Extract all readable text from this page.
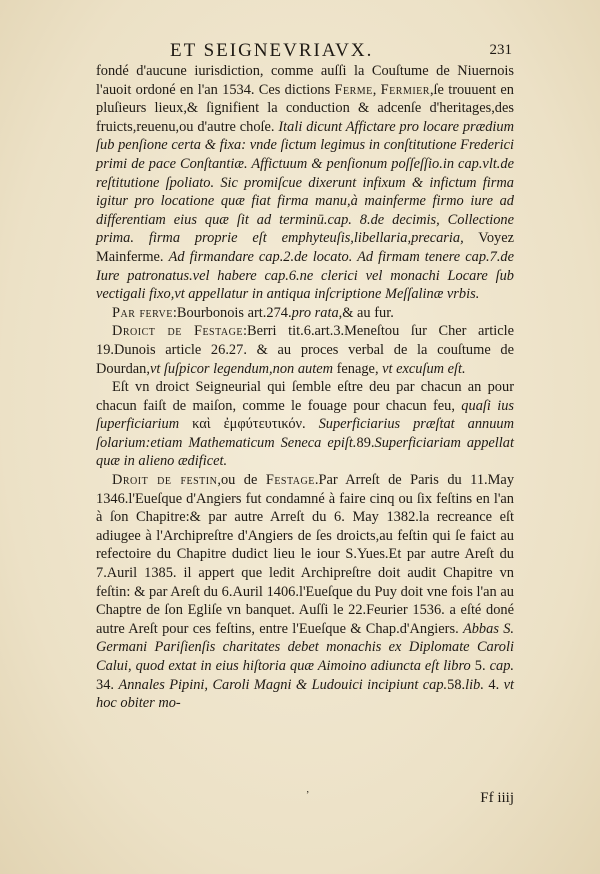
ET SEIGNEVRIAVX.	231

fondé d'aucune iurisdiction, comme auſſi la Couſtume de Niuernois l'auoit ordoné en l'an 1534. Ces dictions Ferme, Fermier,ſe trouuent en pluſieurs lieux,& ſignifient la conduction & adcenſe d'heritages,des fruicts,reuenu,ou d'autre choſe. Itali dicunt Affictare pro locare prædium ſub penſione certa & fixa: vnde ſictum legimus in conſtitutione Frederici primi de pace Conſtantiæ. Affictuum & penſionum poſſeſſio.in cap.vlt.de reſtitutione ſpoliato. Sic promiſcue dixerunt infixum & infictum firma igitur pro locatione quæ fiat firma manu,à mainferme firmo iure ad differentiam eius quæ ſit ad terminū.cap. 8.de decimis, Collectione prima. firma proprie eſt emphyteuſis,libellaria,precaria, Voyez Mainferme. Ad firmandare cap.2.de locato. Ad firmam tenere cap.7.de Iure patronatus.vel habere cap.6.ne clerici vel monachi Locare ſub vectigali fixo,vt appellatur in antiqua inſcriptione Meſſalinæ vrbis.

Par ferve:Bourbonois art.274.pro rata,& au fur.

Droict de Festage:Berri tit.6.art.3.Meneſtou ſur Cher article 19.Dunois article 26.27. & au proces verbal de la couſtume de Dourdan,vt ſuſpicor legendum,non autem fenage, vt excuſum eſt.

Eſt vn droict Seigneurial qui ſemble eſtre deu par chacun an pour chacun faiſt de maiſon, comme le fouage pour chacun feu, quaſi ius ſuperficiarium καὶ ἐμφύτευτικόν. Superficiarius præſtat annuum ſolarium:etiam Mathematicum Seneca epiſt.89.Superficiariam appellat quæ in alieno ædificet.

Droit de festin,ou de Festage.Par Arreſt de Paris du 11.May 1346.l'Eueſque d'Angiers fut condamné à faire cinq ou ſix feſtins en l'an à ſon Chapitre:& par autre Arreſt du 6. May 1382.la recreance eſt adiugee à l'Archipreſtre d'Angiers de ſes droicts,au feſtin qui ſe faict au refectoire du Chapitre dudict lieu le iour S.Yues.Et par autre Areſt du 7.Auril 1385. il appert que ledit Archipreſtre doit audit Chapitre vn feſtin: & par Areſt du 6.Auril 1406.l'Eueſque du Puy doit vne fois l'an au Chaptre de ſon Egliſe vn banquet. Auſſi le 22.Feurier 1536. a eſté doné autre Areſt pour ces feſtins, entre l'Eueſque & Chap.d'Angiers. Abbas S. Germani Pariſienſis charitates debet monachis ex Diplomate Caroli Calui, quod extat in eius hiſtoria quæ Aimoino adiuncta eſt libro 5. cap. 34. Annales Pipini, Caroli Magni & Ludouici incipiunt cap.58.lib. 4. vt hoc obiter mo-

ʼ	Ff iiij
